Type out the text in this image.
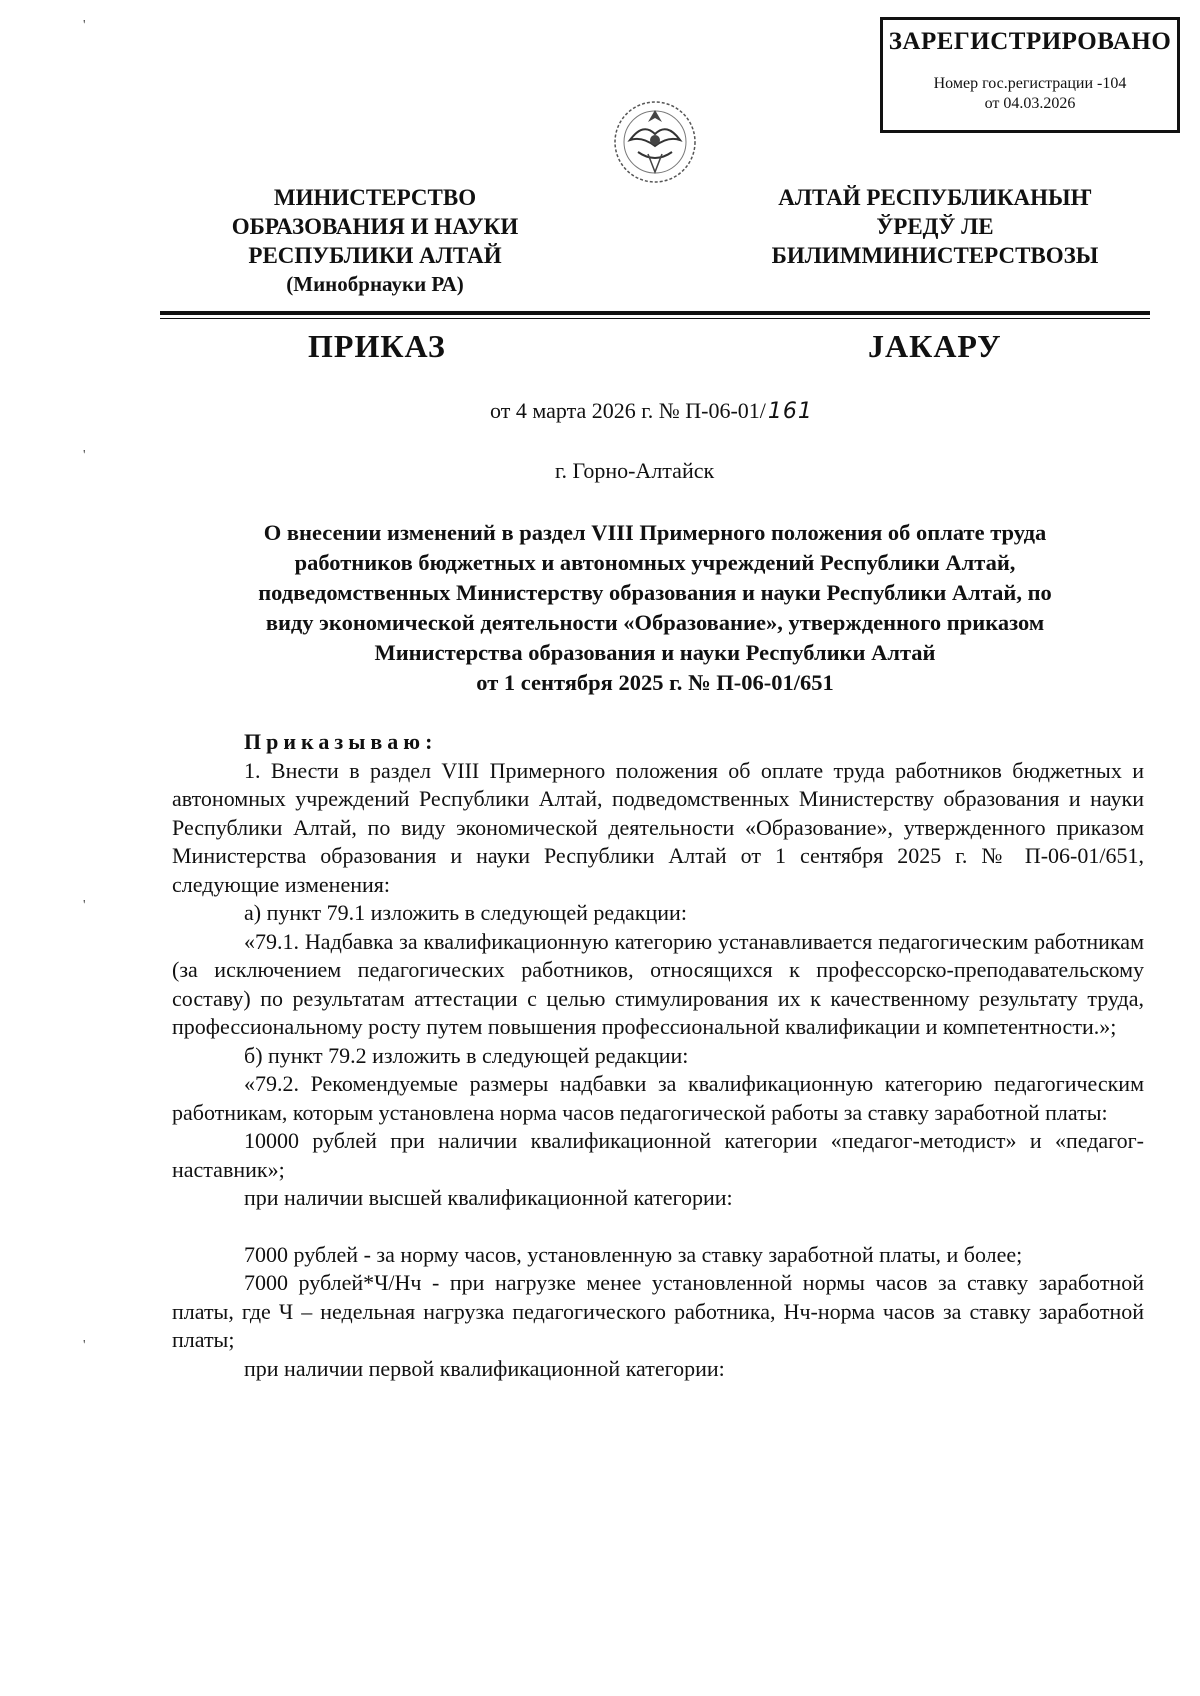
ЗАРЕГИСТРИРОВАНО
Номер гос.регистрации -104
от 04.03.2026
МИНИСТЕРСТВО
ОБРАЗОВАНИЯ И НАУКИ
РЕСПУБЛИКИ АЛТАЙ
(Минобрнауки РА)
АЛТАЙ РЕСПУБЛИКАНЫҤ
ЎРЕДЎ ЛЕ
БИЛИММИНИСТЕРСТВОЗЫ
ПРИКАЗ	ЈАКАРУ
от 4 марта 2026 г. № П-06-01/161
г. Горно-Алтайск
О внесении изменений в раздел VIII Примерного положения об оплате труда
работников бюджетных и автономных учреждений Республики Алтай,
подведомственных Министерству образования и науки Республики Алтай, по
виду экономической деятельности «Образование», утвержденного приказом
Министерства образования и науки Республики Алтай
от 1 сентября 2025 г. № П-06-01/651

Приказываю:

1. Внести в раздел VIII Примерного положения об оплате труда работников бюджетных и автономных учреждений Республики Алтай, подведомственных Министерству образования и науки Республики Алтай, по виду экономической деятельности «Образование», утвержденного приказом Министерства образования и науки Республики Алтай от 1 сентября 2025 г. № П-06-01/651, следующие изменения:

а) пункт 79.1 изложить в следующей редакции:

«79.1. Надбавка за квалификационную категорию устанавливается педагогическим работникам (за исключением педагогических работников, относящихся к профессорско-преподавательскому составу) по результатам аттестации с целью стимулирования их к качественному результату труда, профессиональному росту путем повышения профессиональной квалификации и компетентности.»;

б) пункт 79.2 изложить в следующей редакции:

«79.2. Рекомендуемые размеры надбавки за квалификационную категорию педагогическим работникам, которым установлена норма часов педагогической работы за ставку заработной платы:

10000 рублей при наличии квалификационной категории «педагог-методист» и «педагог-наставник»;

при наличии высшей квалификационной категории:

7000 рублей - за норму часов, установленную за ставку заработной платы, и более;

7000 рублей*Ч/Нч - при нагрузке менее установленной нормы часов за ставку заработной платы, где Ч – недельная нагрузка педагогического работника, Нч-норма часов за ставку заработной платы;

при наличии первой квалификационной категории:

'
'
'
'
